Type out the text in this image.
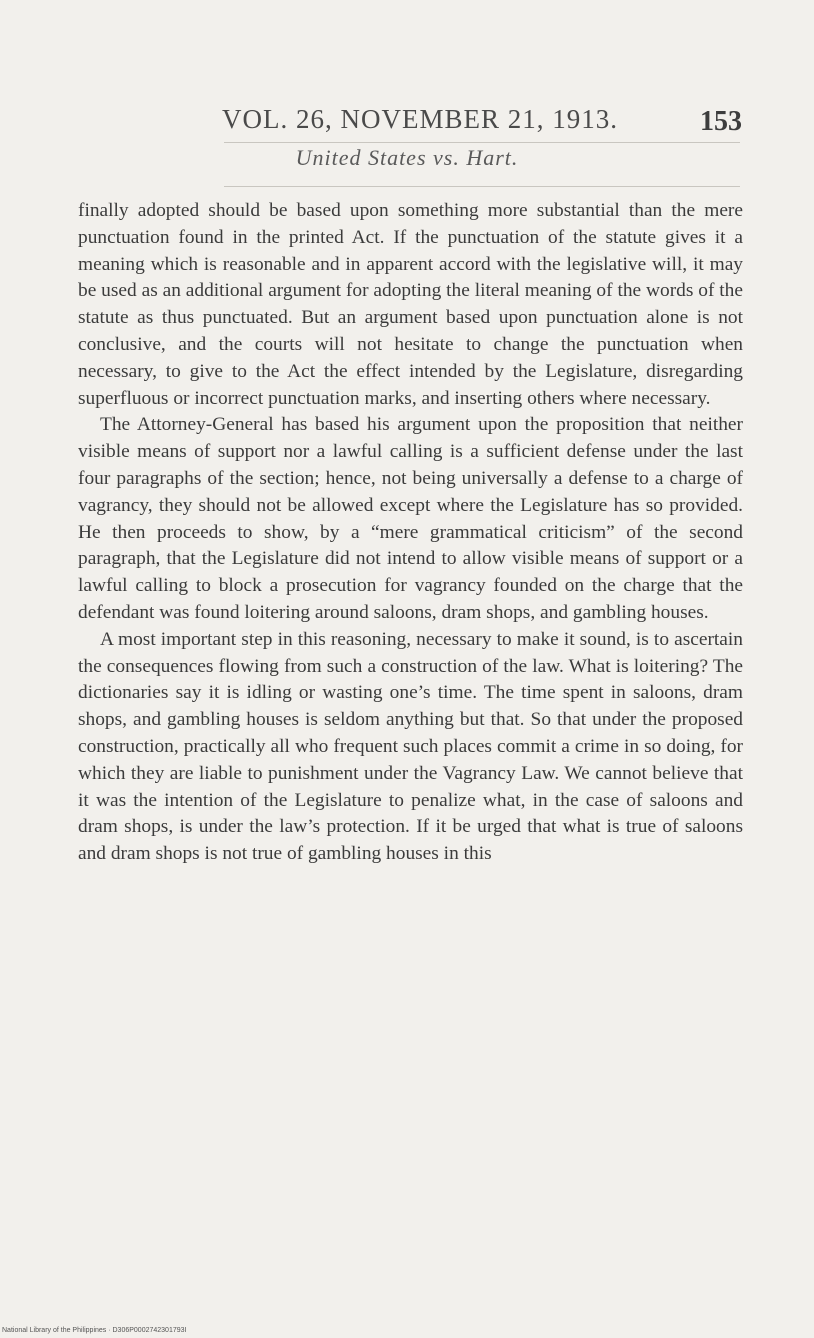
VOL. 26, NOVEMBER 21, 1913.	153
United States vs. Hart.

finally adopted should be based upon something more substantial than the mere punctuation found in the printed Act. If the punctuation of the statute gives it a meaning which is reasonable and in apparent accord with the legislative will, it may be used as an additional argument for adopting the literal meaning of the words of the statute as thus punctuated. But an argument based upon punctuation alone is not conclusive, and the courts will not hesitate to change the punctuation when necessary, to give to the Act the effect intended by the Legislature, disregarding superfluous or incorrect punctuation marks, and inserting others where necessary.

The Attorney-General has based his argument upon the proposition that neither visible means of support nor a lawful calling is a sufficient defense under the last four paragraphs of the section; hence, not being universally a defense to a charge of vagrancy, they should not be allowed except where the Legislature has so provided. He then proceeds to show, by a “mere grammatical criticism” of the second paragraph, that the Legislature did not intend to allow visible means of support or a lawful calling to block a prosecution for vagrancy founded on the charge that the defendant was found loitering around saloons, dram shops, and gambling houses.

A most important step in this reasoning, necessary to make it sound, is to ascertain the consequences flowing from such a construction of the law. What is loitering? The dictionaries say it is idling or wasting one’s time. The time spent in saloons, dram shops, and gambling houses is seldom anything but that. So that under the proposed construction, practically all who frequent such places commit a crime in so doing, for which they are liable to punishment under the Vagrancy Law. We cannot believe that it was the intention of the Legislature to penalize what, in the case of saloons and dram shops, is under the law’s protection. If it be urged that what is true of saloons and dram shops is not true of gambling houses in this

National Library of the Philippines · D306P0002742301793I
